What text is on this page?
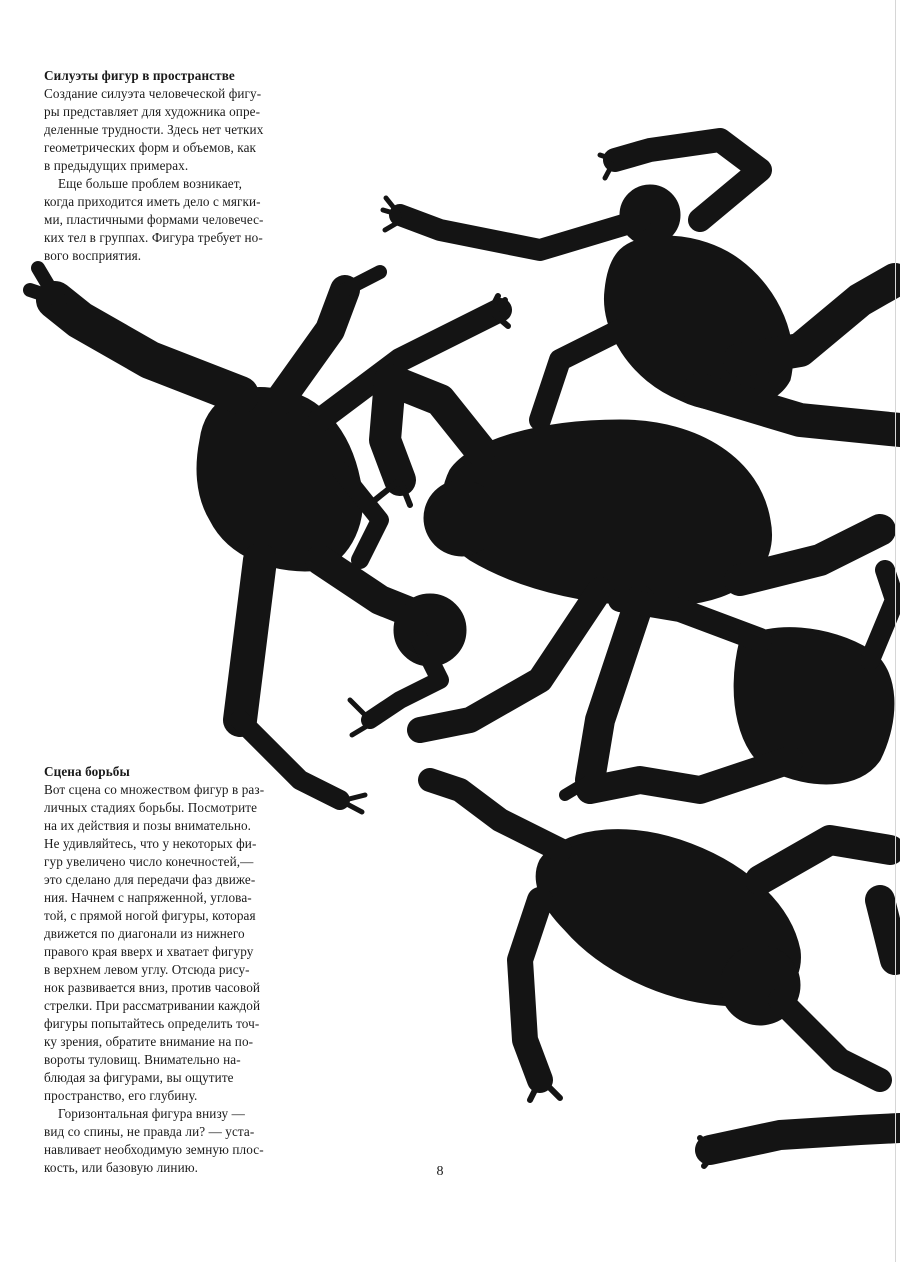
Силуэты фигур в пространстве

Создание силуэта человеческой фигу-
ры представляет для художника опре-
деленные трудности. Здесь нет четких
геометрических форм и объемов, как
в предыдущих примерах.

Еще больше проблем возникает,
когда приходится иметь дело с мягки-
ми, пластичными формами человечес-
ких тел в группах. Фигура требует но-
вого восприятия.

Сцена борьбы

Вот сцена со множеством фигур в раз-
личных стадиях борьбы. Посмотрите
на их действия и позы внимательно.
Не удивляйтесь, что у некоторых фи-
гур увеличено число конечностей,—
это сделано для передачи фаз движе-
ния. Начнем с напряженной, углова-
той, с прямой ногой фигуры, которая
движется по диагонали из нижнего
правого края вверх и хватает фигуру
в верхнем левом углу. Отсюда рису-
нок развивается вниз, против часовой
стрелки. При рассматривании каждой
фигуры попытайтесь определить точ-
ку зрения, обратите внимание на по-
вороты туловищ. Внимательно на-
блюдая за фигурами, вы ощутите
пространство, его глубину.

Горизонтальная фигура внизу —
вид со спины, не правда ли? — уста-
навливает необходимую земную плос-
кость, или базовую линию.	8
